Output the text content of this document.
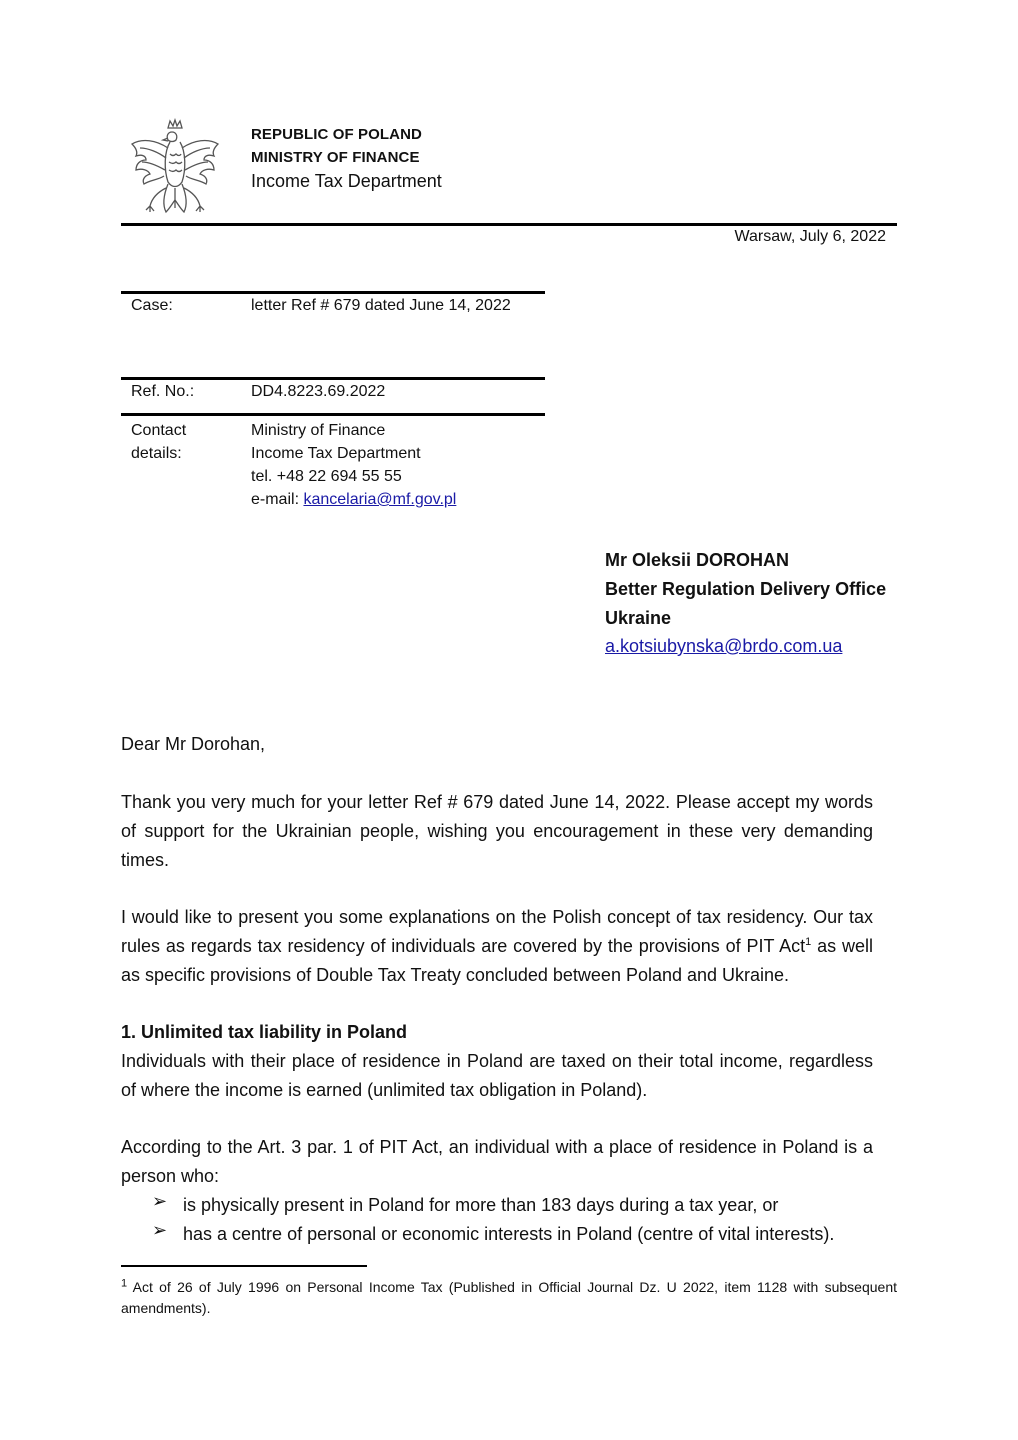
REPUBLIC OF POLAND
MINISTRY OF FINANCE
Income Tax Department
Warsaw, July 6, 2022
Case:	letter Ref # 679 dated June 14, 2022
Ref. No.:	DD4.8223.69.2022
Contact
details:
Ministry of Finance
Income Tax Department
tel. +48 22 694 55 55
e-mail: kancelaria@mf.gov.pl
Mr Oleksii DOROHAN
Better Regulation Delivery Office
Ukraine
a.kotsiubynska@brdo.com.ua
Dear Mr Dorohan,
Thank you very much for your letter Ref # 679 dated June 14, 2022. Please accept my words of support for the Ukrainian people, wishing you encouragement in these very demanding times.
I would like to present you some explanations on the Polish concept of tax residency. Our tax rules as regards tax residency of individuals are covered by the provisions of PIT Act$^1$ as well as specific provisions of Double Tax Treaty concluded between Poland and Ukraine.
1. Unlimited tax liability in Poland
Individuals with their place of residence in Poland are taxed on their total income, regardless of where the income is earned (unlimited tax obligation in Poland).
According to the Art. 3 par. 1 of PIT Act, an individual with a place of residence in Poland is a person who:
➢ is physically present in Poland for more than 183 days during a tax year, or
➢ has a centre of personal or economic interests in Poland (centre of vital interests).
$^1$ Act of 26 of July 1996 on Personal Income Tax (Published in Official Journal Dz. U 2022, item 1128 with subsequent amendments).
